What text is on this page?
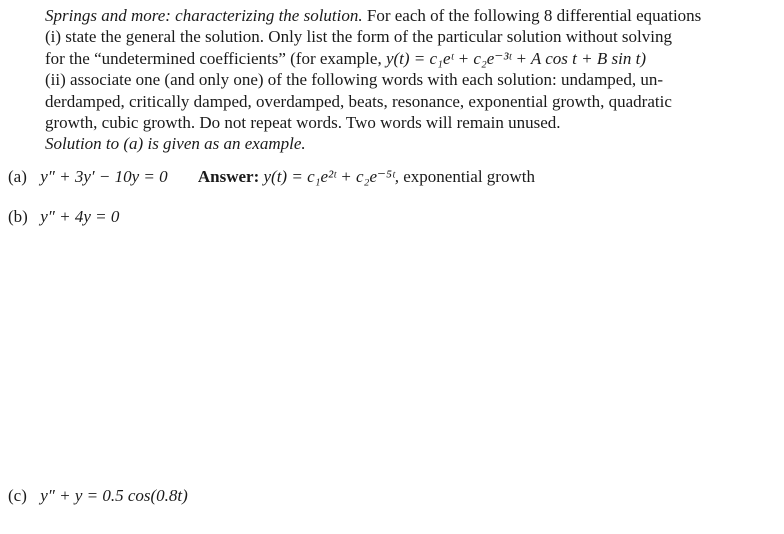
Springs and more: characterizing the solution. For each of the following 8 differential equations
(i) state the general the solution. Only list the form of the particular solution without solving
for the “undetermined coefficients” (for example, y(t) = c₁eᵗ + c₂e⁻³ᵗ + A cos t + B sin t)
(ii) associate one (and only one) of the following words with each solution: undamped, un-
derdamped, critically damped, overdamped, beats, resonance, exponential growth, quadratic
growth, cubic growth. Do not repeat words. Two words will remain unused.
Solution to (a) is given as an example.

(a) y″ + 3y′ − 10y = 0 Answer: y(t) = c₁e²ᵗ + c₂e⁻⁵ᵗ, exponential growth
(b) y″ + 4y = 0
(c) y″ + y = 0.5 cos(0.8t)
